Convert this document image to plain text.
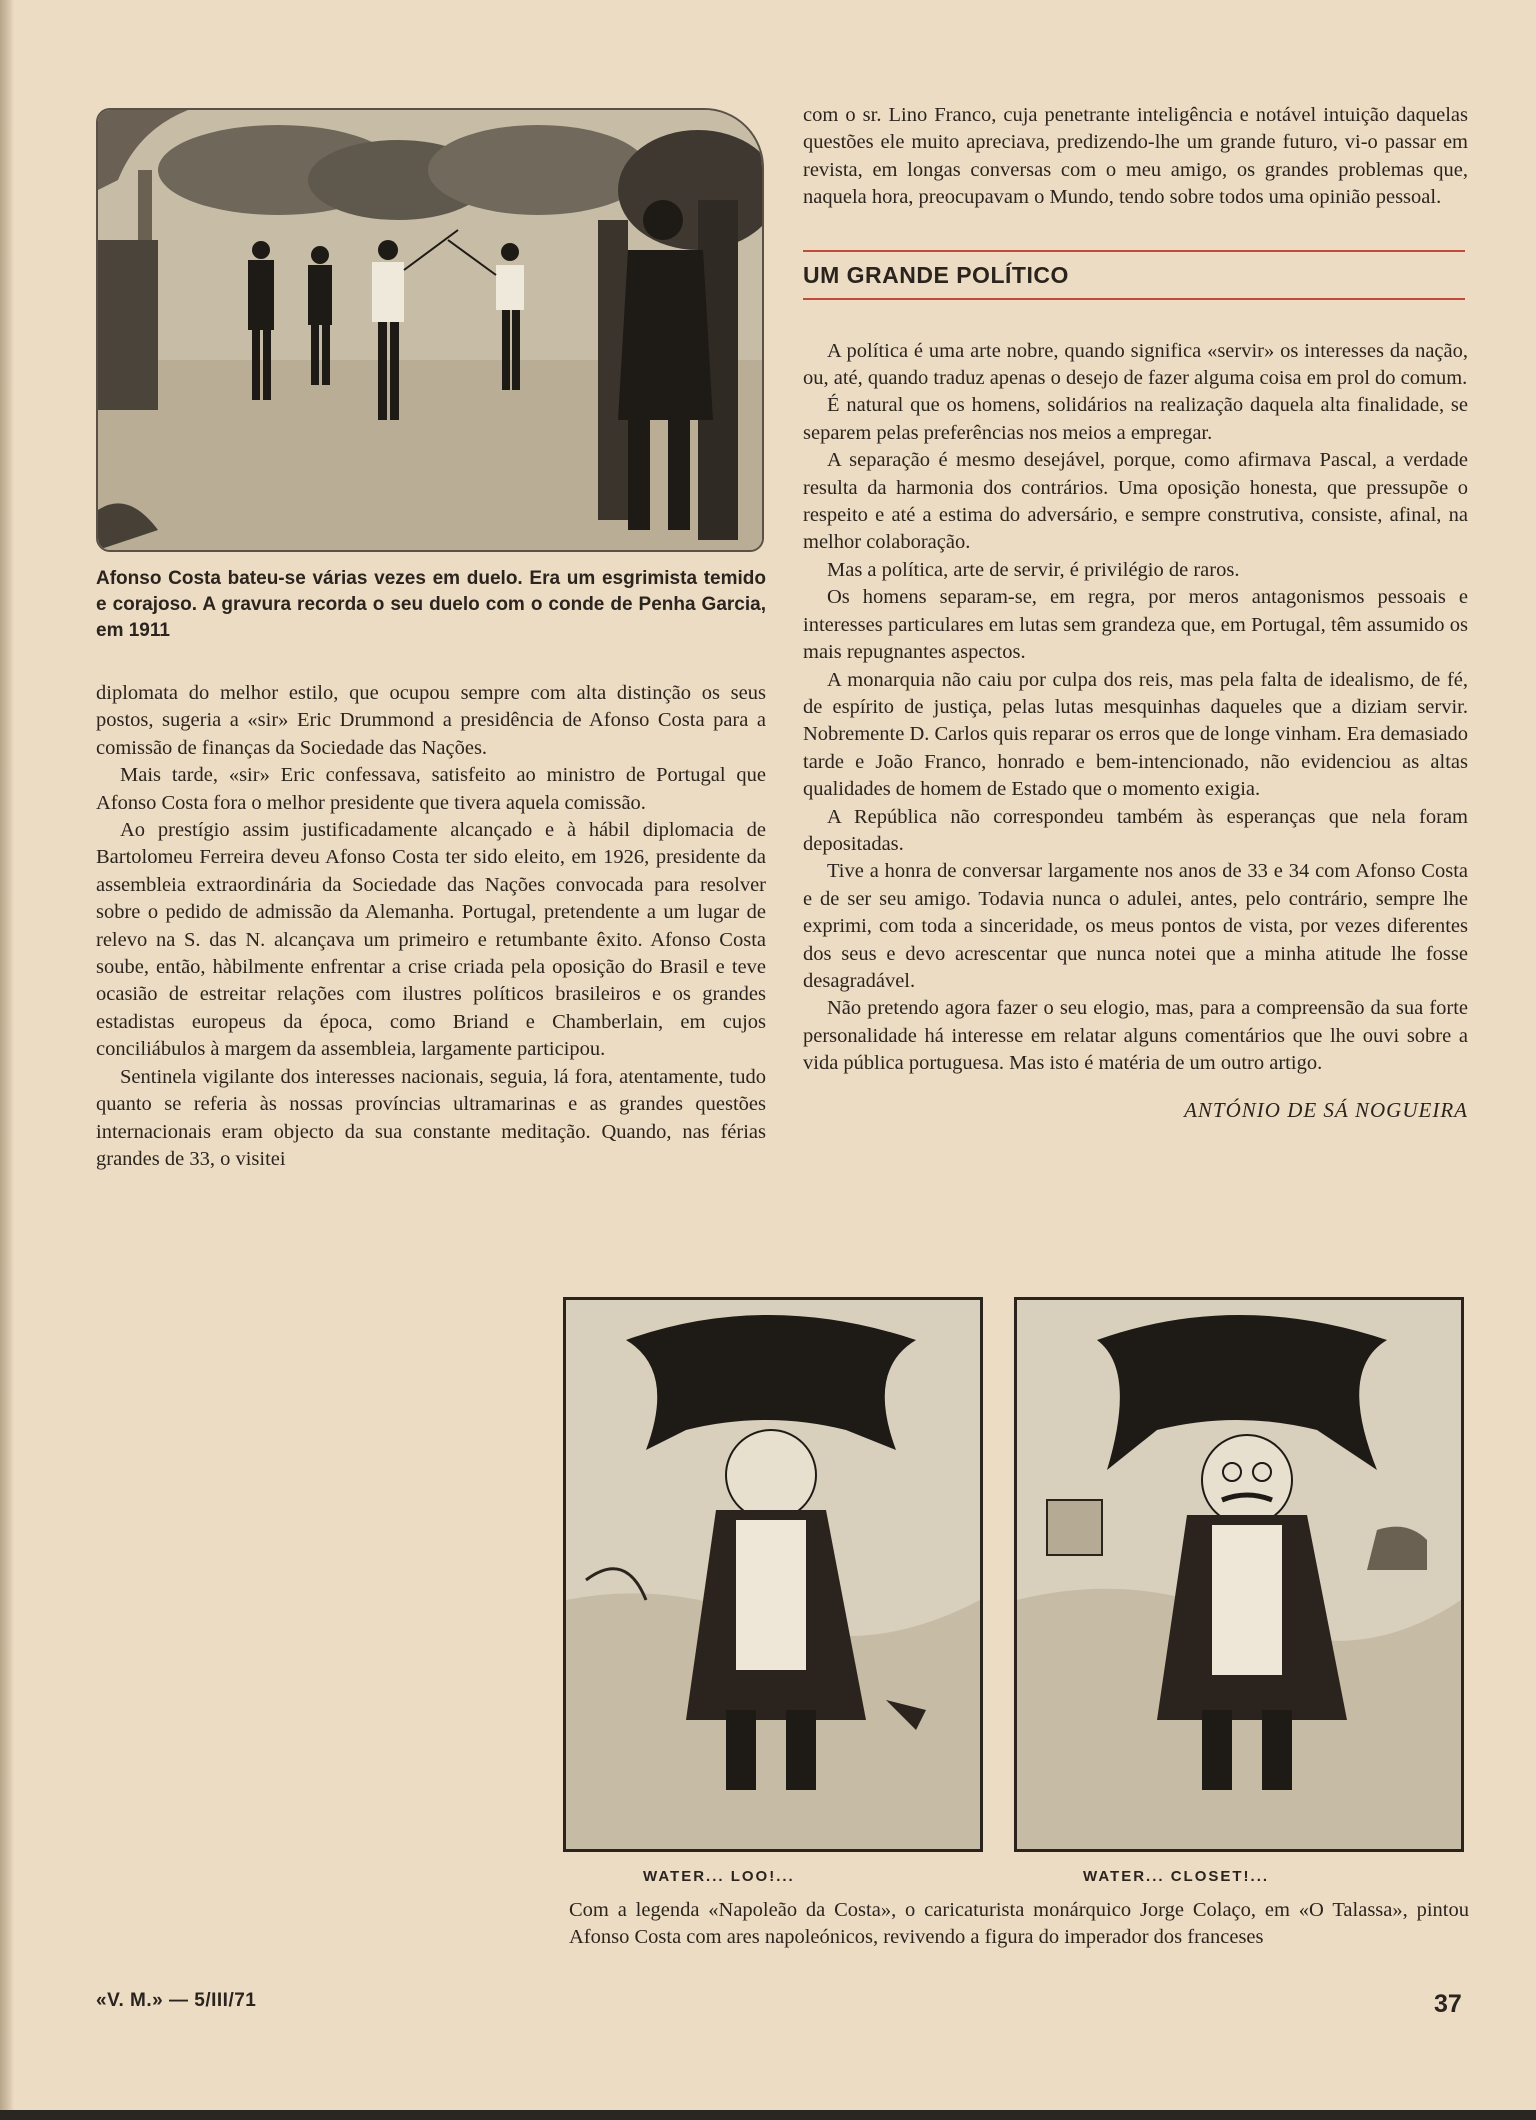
Afonso Costa bateu-se várias vezes em duelo. Era um esgrimista temido e corajoso. A gravura recorda o seu duelo com o conde de Penha Garcia, em 1911

diplomata do melhor estilo, que ocupou sempre com alta distinção os seus postos, sugeria a «sir» Eric Drummond a presidência de Afonso Costa para a comissão de finanças da Sociedade das Nações.

Mais tarde, «sir» Eric confessava, satisfeito ao ministro de Portugal que Afonso Costa fora o melhor presidente que tivera aquela comissão.

Ao prestígio assim justificadamente alcançado e à hábil diplomacia de Bartolomeu Ferreira deveu Afonso Costa ter sido eleito, em 1926, presidente da assembleia extraordinária da Sociedade das Nações convocada para resolver sobre o pedido de admissão da Alemanha. Portugal, pretendente a um lugar de relevo na S. das N. alcançava um primeiro e retumbante êxito. Afonso Costa soube, então, hàbilmente enfrentar a crise criada pela oposição do Brasil e teve ocasião de estreitar relações com ilustres políticos brasileiros e os grandes estadistas europeus da época, como Briand e Chamberlain, em cujos conciliábulos à margem da assembleia, largamente participou.

Sentinela vigilante dos interesses nacionais, seguia, lá fora, atentamente, tudo quanto se referia às nossas províncias ultramarinas e as grandes questões internacionais eram objecto da sua constante meditação. Quando, nas férias grandes de 33, o visitei

com o sr. Lino Franco, cuja penetrante inteligência e notável intuição daquelas questões ele muito apreciava, predizendo-lhe um grande futuro, vi-o passar em revista, em longas conversas com o meu amigo, os grandes problemas que, naquela hora, preocupavam o Mundo, tendo sobre todos uma opinião pessoal.

UM GRANDE POLÍTICO

A política é uma arte nobre, quando significa «servir» os interesses da nação, ou, até, quando traduz apenas o desejo de fazer alguma coisa em prol do comum.

É natural que os homens, solidários na realização daquela alta finalidade, se separem pelas preferências nos meios a empregar.

A separação é mesmo desejável, porque, como afirmava Pascal, a verdade resulta da harmonia dos contrários. Uma oposição honesta, que pressupõe o respeito e até a estima do adversário, e sempre construtiva, consiste, afinal, na melhor colaboração.

Mas a política, arte de servir, é privilégio de raros.

Os homens separam-se, em regra, por meros antagonismos pessoais e interesses particulares em lutas sem grandeza que, em Portugal, têm assumido os mais repugnantes aspectos.

A monarquia não caiu por culpa dos reis, mas pela falta de idealismo, de fé, de espírito de justiça, pelas lutas mesquinhas daqueles que a diziam servir. Nobremente D. Carlos quis reparar os erros que de longe vinham. Era demasiado tarde e João Franco, honrado e bem-intencionado, não evidenciou as altas qualidades de homem de Estado que o momento exigia.

A República não correspondeu também às esperanças que nela foram depositadas.

Tive a honra de conversar largamente nos anos de 33 e 34 com Afonso Costa e de ser seu amigo. Todavia nunca o adulei, antes, pelo contrário, sempre lhe exprimi, com toda a sinceridade, os meus pontos de vista, por vezes diferentes dos seus e devo acrescentar que nunca notei que a minha atitude lhe fosse desagradável.

Não pretendo agora fazer o seu elogio, mas, para a compreensão da sua forte personalidade há interesse em relatar alguns comentários que lhe ouvi sobre a vida pública portuguesa. Mas isto é matéria de um outro artigo.

ANTÓNIO DE SÁ NOGUEIRA
WATER... LOO!...	WATER... CLOSET!...
Com a legenda «Napoleão da Costa», o caricaturista monárquico Jorge Colaço, em «O Talassa», pintou Afonso Costa com ares napoleónicos, revivendo a figura do imperador dos franceses
«V. M.» — 5/III/71	37
